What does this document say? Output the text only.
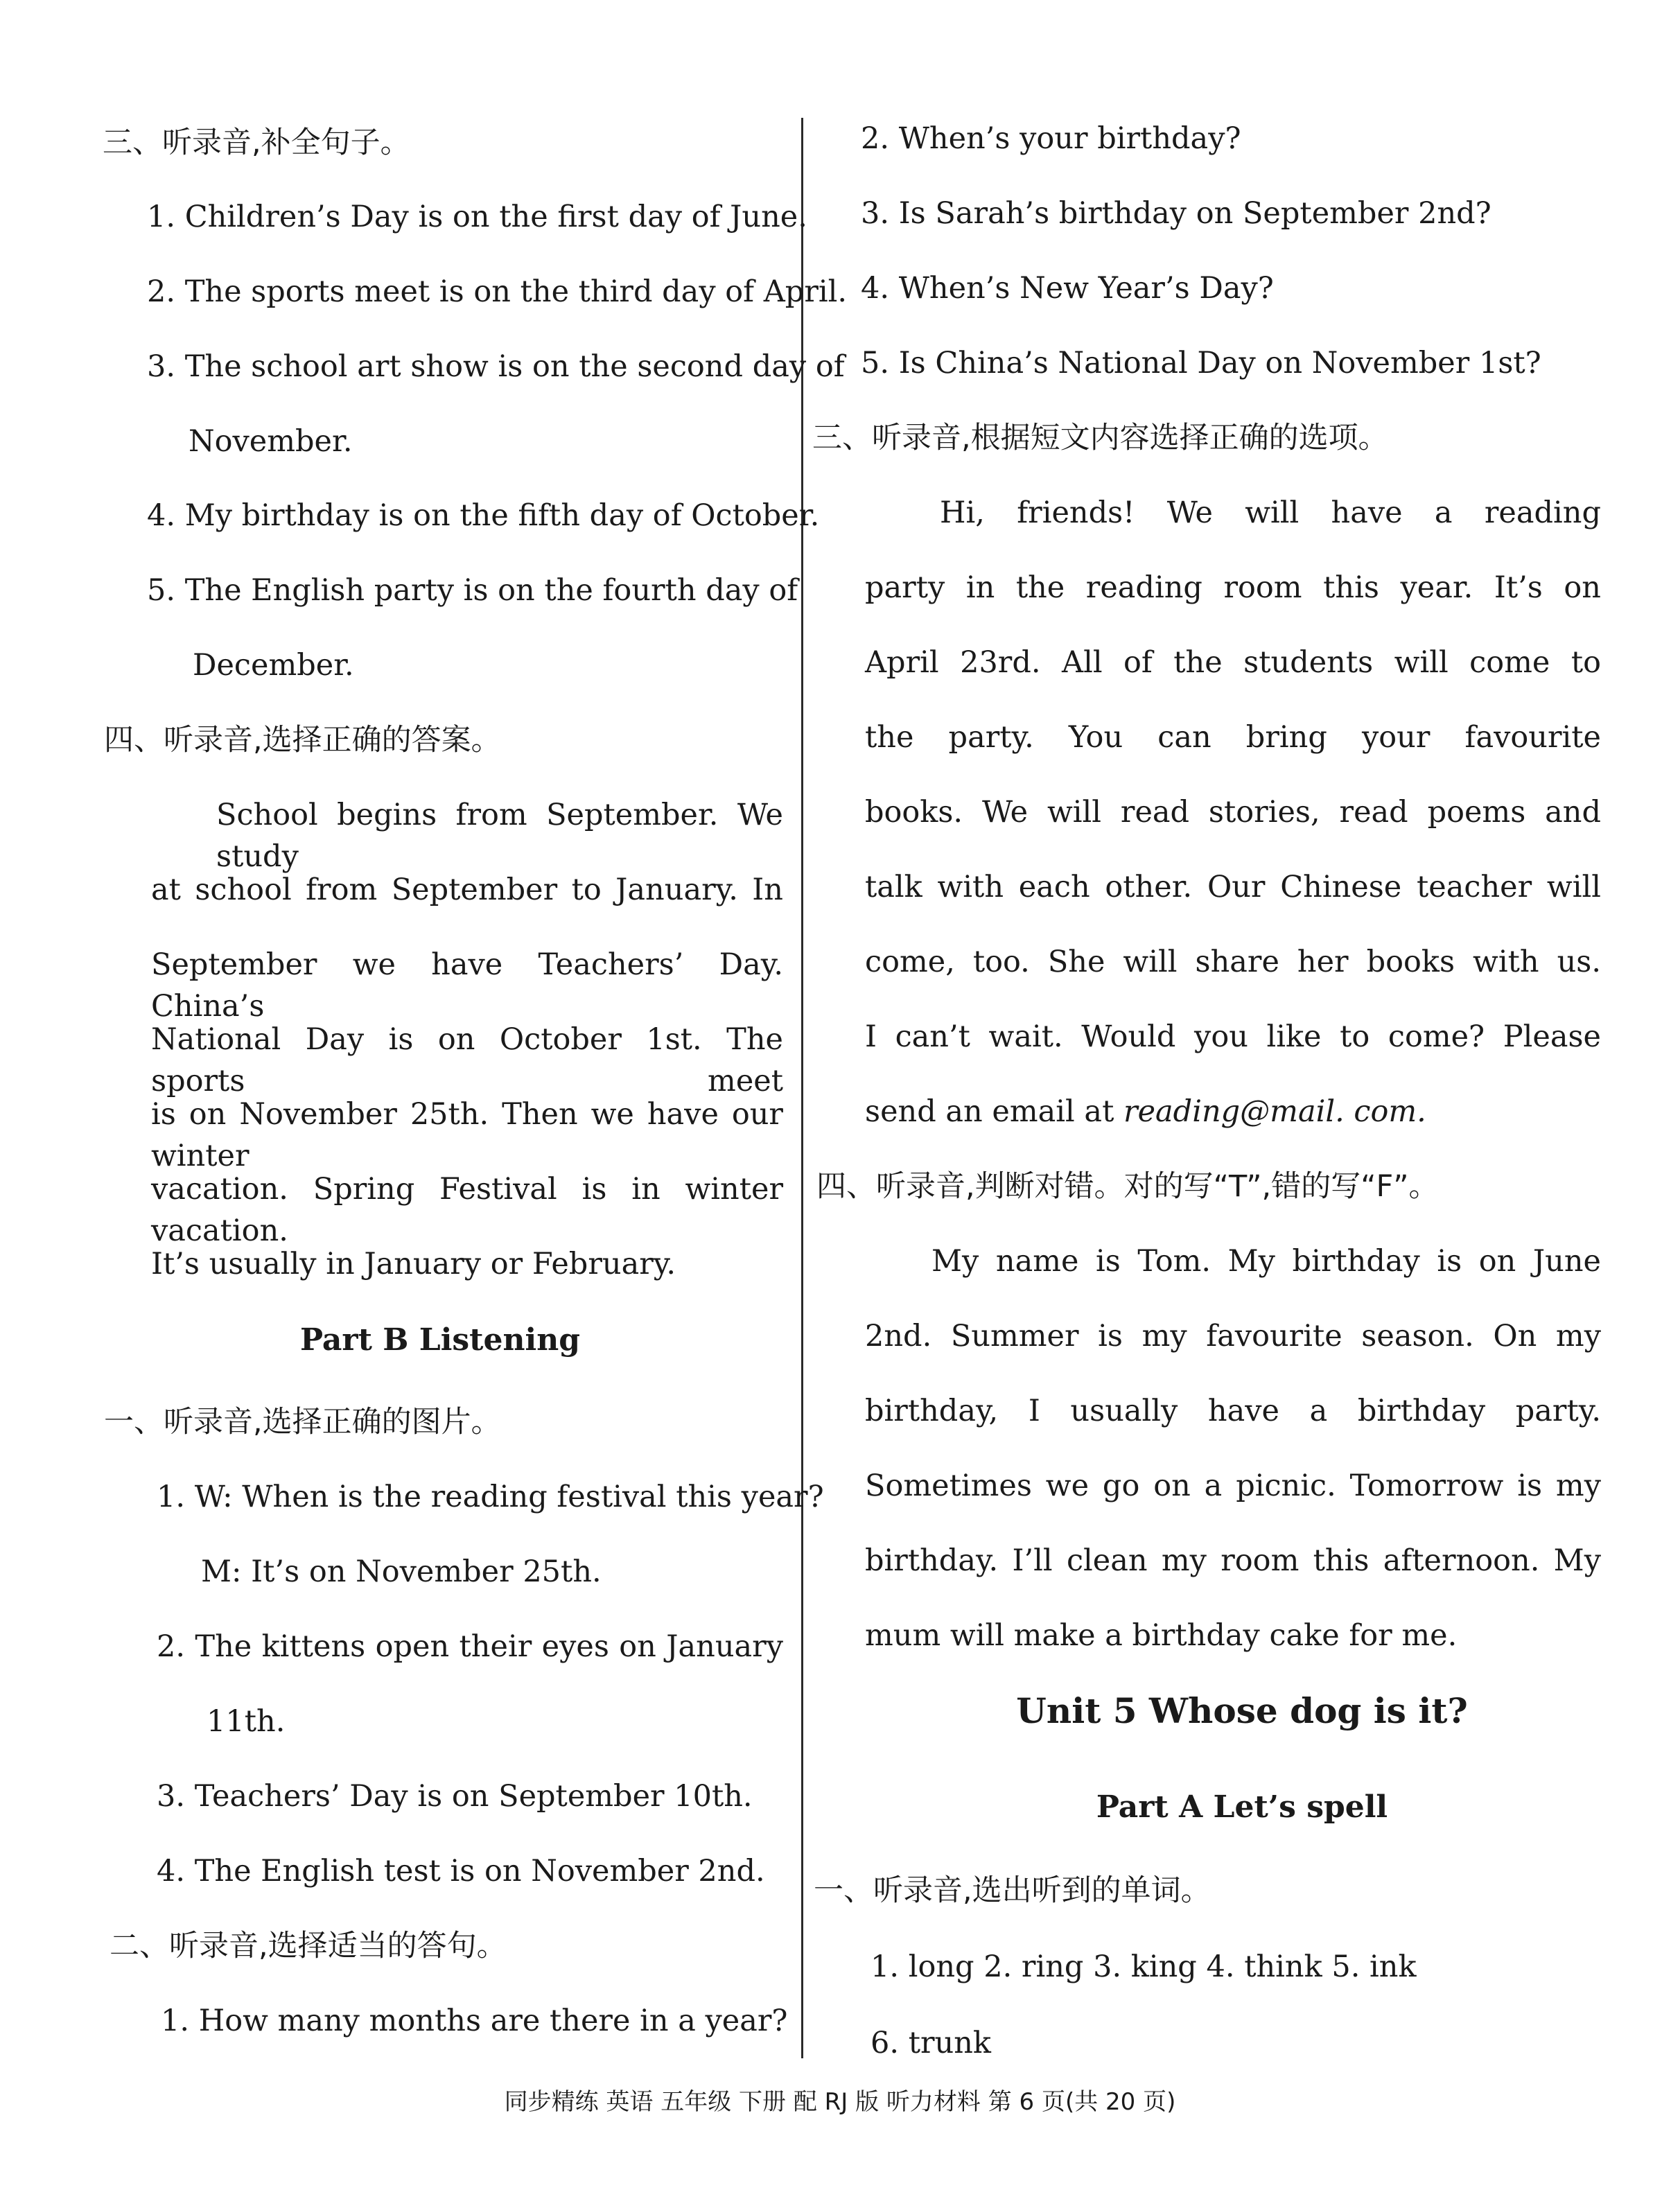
三、听录音,补全句子。
1. Children’s Day is on the first day of June.
2. The sports meet is on the third day of April.
3. The school art show is on the second day of
November.
4. My birthday is on the fifth day of October.
5. The English party is on the fourth day of
December.
四、听录音,选择正确的答案。
School begins from September. We study
at school from September to January. In
September we have Teachers’ Day. China’s
National Day is on October 1st. The sports meet
is on November 25th. Then we have our winter
vacation. Spring Festival is in winter vacation.
It’s usually in January or February.
Part B Listening
一、听录音,选择正确的图片。
1. W: When is the reading festival this year?
M: It’s on November 25th.
2. The kittens open their eyes on January
11th.
3. Teachers’ Day is on September 10th.
4. The English test is on November 2nd.
二、听录音,选择适当的答句。
1. How many months are there in a year?
2. When’s your birthday?
3. Is Sarah’s birthday on September 2nd?
4. When’s New Year’s Day?
5. Is China’s National Day on November 1st?
三、听录音,根据短文内容选择正确的选项。
Hi, friends! We will have a reading
party in the reading room this year. It’s on
April 23rd. All of the students will come to
the party. You can bring your favourite
books. We will read stories, read poems and
talk with each other. Our Chinese teacher will
come, too. She will share her books with us.
I can’t wait. Would you like to come? Please
send an email at reading@mail. com.
四、听录音,判断对错。对的写“T”,错的写“F”。
My name is Tom. My birthday is on June
2nd. Summer is my favourite season. On my
birthday, I usually have a birthday party.
Sometimes we go on a picnic. Tomorrow is my
birthday. I’ll clean my room this afternoon. My
mum will make a birthday cake for me.
Unit 5 Whose dog is it?
Part A Let’s spell
一、听录音,选出听到的单词。
1. long 2. ring 3. king 4. think 5. ink
6. trunk
同步精练 英语 五年级 下册 配 RJ 版 听力材料 第 6 页(共 20 页)
